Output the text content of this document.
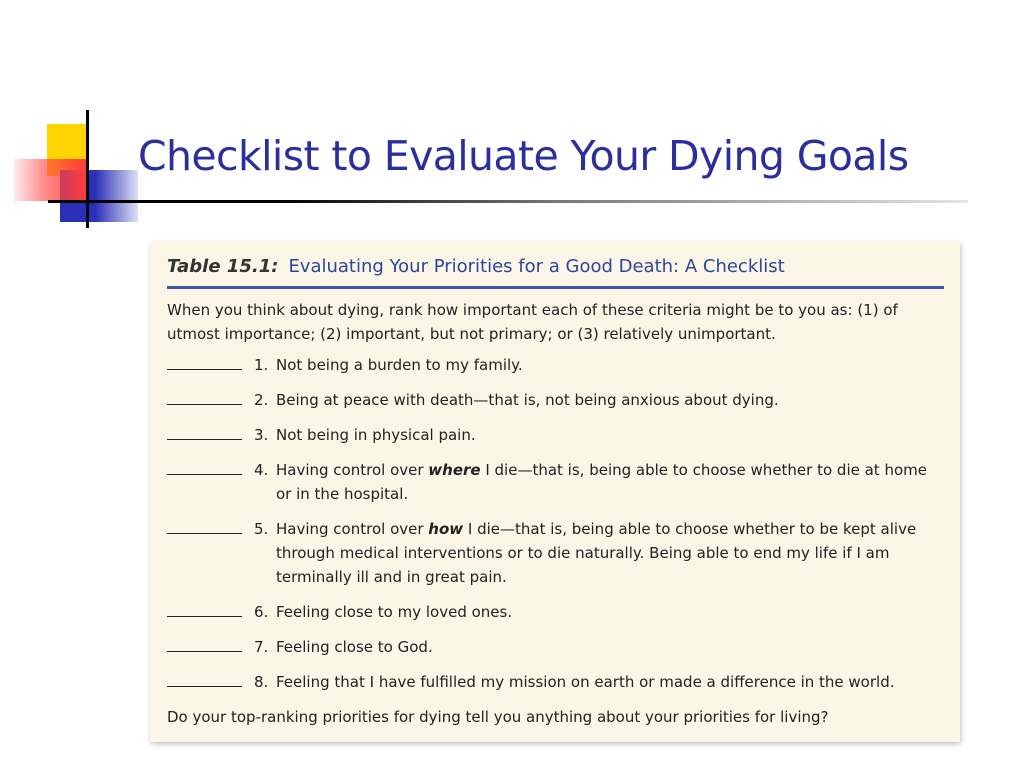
Checklist to Evaluate Your Dying Goals
Table 15.1: Evaluating Your Priorities for a Good Death: A Checklist

When you think about dying, rank how important each of these criteria might be to you as: (1) of utmost importance; (2) important, but not primary; or (3) relatively unimportant.

1. Not being a burden to my family.
2. Being at peace with death—that is, not being anxious about dying.
3. Not being in physical pain.
4. Having control over where I die—that is, being able to choose whether to die at home or in the hospital.
5. Having control over how I die—that is, being able to choose whether to be kept alive through medical interventions or to die naturally. Being able to end my life if I am terminally ill and in great pain.
6. Feeling close to my loved ones.
7. Feeling close to God.
8. Feeling that I have fulfilled my mission on earth or made a difference in the world.

Do your top-ranking priorities for dying tell you anything about your priorities for living?
